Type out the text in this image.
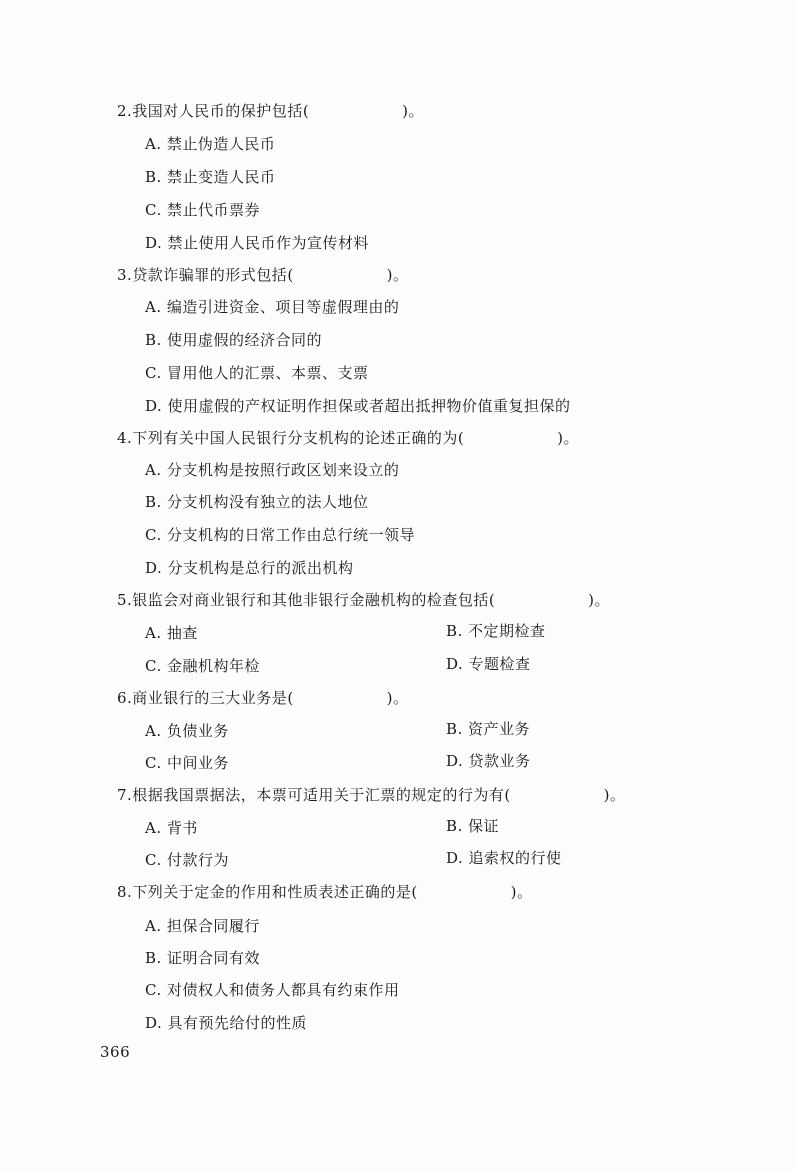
2.我国对人民币的保护包括(　　　　　　)。
A. 禁止伪造人民币
B. 禁止变造人民币
C. 禁止代币票券
D. 禁止使用人民币作为宣传材料
3.贷款诈骗罪的形式包括(　　　　　　)。
A. 编造引进资金、项目等虚假理由的
B. 使用虚假的经济合同的
C. 冒用他人的汇票、本票、支票
D. 使用虚假的产权证明作担保或者超出抵押物价值重复担保的
4.下列有关中国人民银行分支机构的论述正确的为(　　　　　　)。
A. 分支机构是按照行政区划来设立的
B. 分支机构没有独立的法人地位
C. 分支机构的日常工作由总行统一领导
D. 分支机构是总行的派出机构
5.银监会对商业银行和其他非银行金融机构的检查包括(　　　　　　)。
A. 抽查	B. 不定期检查
C. 金融机构年检	D. 专题检查
6.商业银行的三大业务是(　　　　　　)。
A. 负债业务	B. 资产业务
C. 中间业务	D. 贷款业务
7.根据我国票据法，本票可适用关于汇票的规定的行为有(　　　　　　)。
A. 背书	B. 保证
C. 付款行为	D. 追索权的行使
8.下列关于定金的作用和性质表述正确的是(　　　　　　)。
A. 担保合同履行
B. 证明合同有效
C. 对债权人和债务人都具有约束作用
D. 具有预先给付的性质
366
